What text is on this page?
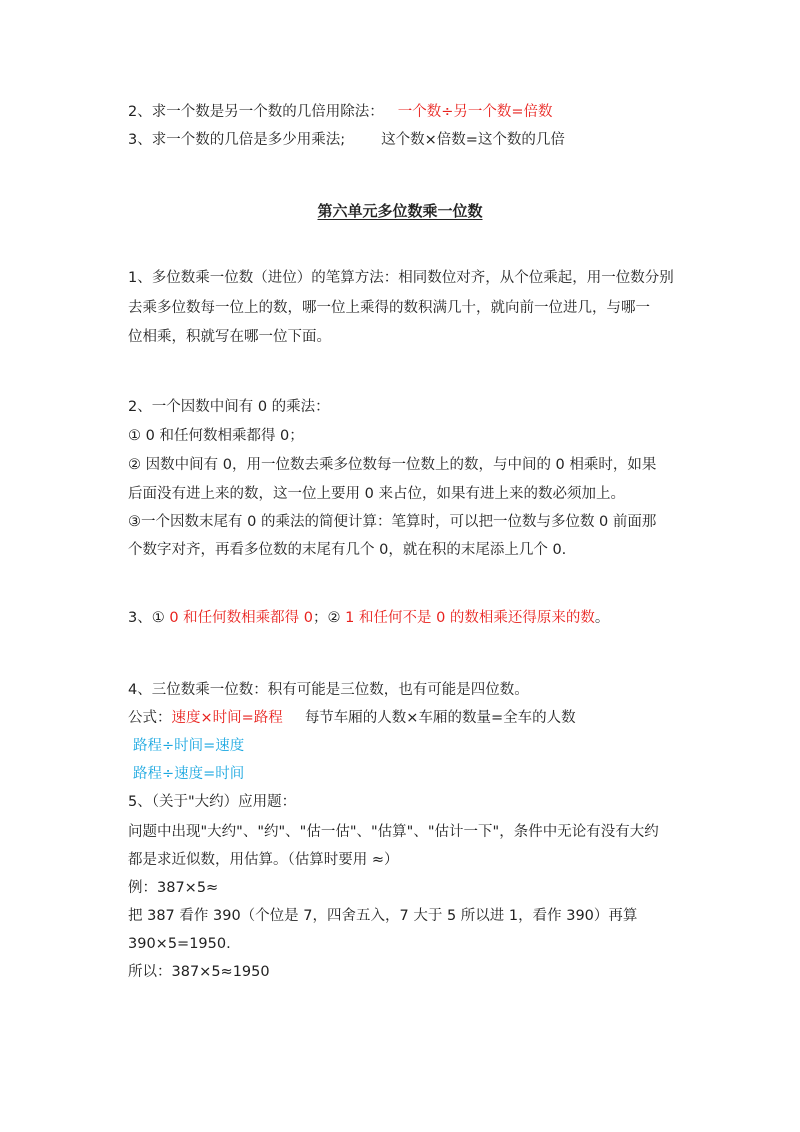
2、求一个数是另一个数的几倍用除法： 一个数÷另一个数=倍数

3、求一个数的几倍是多少用乘法; 这个数×倍数=这个数的几倍

第六单元多位数乘一位数

1、多位数乘一位数（进位）的笔算方法：相同数位对齐，从个位乘起，用一位数分别

去乘多位数每一位上的数，哪一位上乘得的数积满几十，就向前一位进几，与哪一

位相乘，积就写在哪一位下面。

2、一个因数中间有 0 的乘法：

① 0 和任何数相乘都得 0；

② 因数中间有 0，用一位数去乘多位数每一位数上的数，与中间的 0 相乘时，如果

后面没有进上来的数，这一位上要用 0 来占位，如果有进上来的数必须加上。

③一个因数末尾有 0 的乘法的简便计算：笔算时，可以把一位数与多位数 0 前面那

个数字对齐，再看多位数的末尾有几个 0，就在积的末尾添上几个 0.

3、① 0 和任何数相乘都得 0；② 1 和任何不是 0 的数相乘还得原来的数。

4、三位数乘一位数：积有可能是三位数，也有可能是四位数。

公式：速度×时间=路程 每节车厢的人数×车厢的数量=全车的人数

路程÷时间=速度

路程÷速度=时间

5、（关于"大约）应用题：

问题中出现"大约"、"约"、"估一估"、"估算"、"估计一下"，条件中无论有没有大约

都是求近似数，用估算。（估算时要用 ≈）

例：387×5≈

把 387 看作 390（个位是 7，四舍五入，7 大于 5 所以进 1，看作 390）再算

390×5=1950.

所以：387×5≈1950
